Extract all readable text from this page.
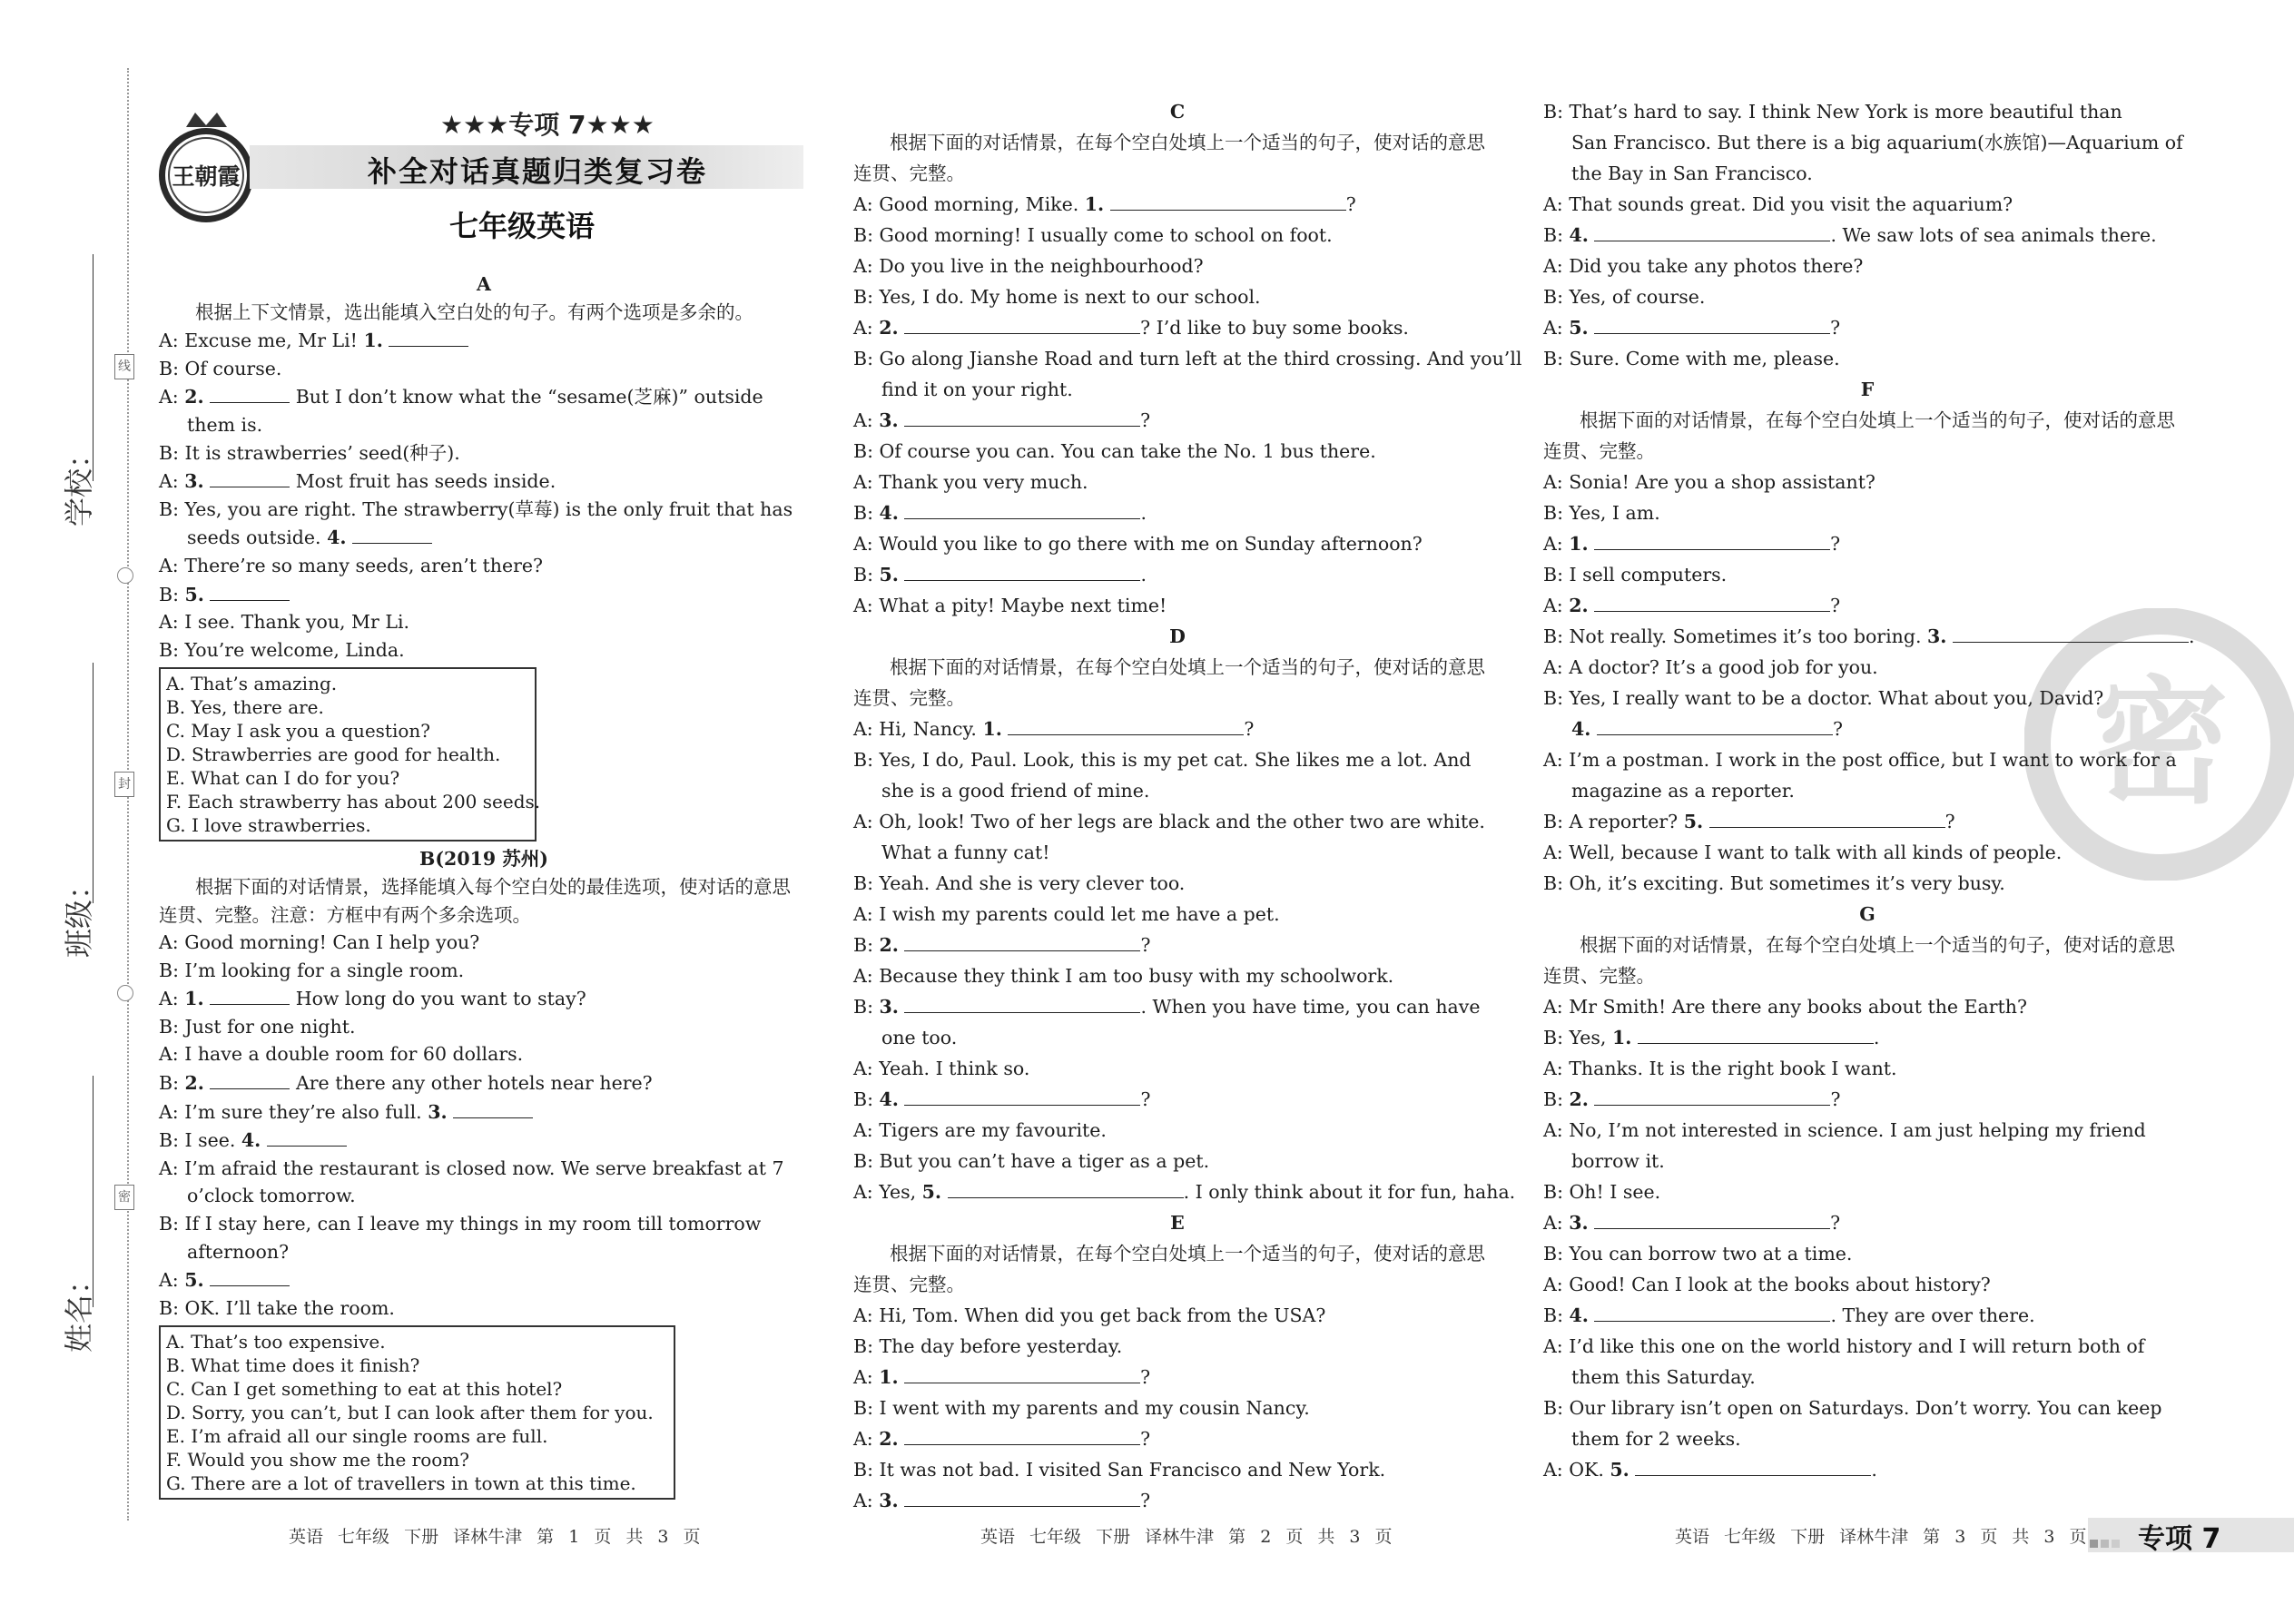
学校：
班级：
姓名：
线
封
密
王朝霞
★★★专项 7★★★
补全对话真题归类复习卷
七年级英语
A
根据上下文情景，选出能填入空白处的句子。有两个选项是多余的。
A: Excuse me, Mr Li! 1.
B: Of course.
A: 2.	But I don’t know what the “sesame(芝麻)” outside
them is.
B: It is strawberries’ seed(种子).
A: 3.	Most fruit has seeds inside.
B: Yes, you are right. The strawberry(草莓) is the only fruit that has
seeds outside. 4.
A: There’re so many seeds, aren’t there?
B: 5.
A: I see. Thank you, Mr Li.
B: You’re welcome, Linda.
A. That’s amazing.
B. Yes, there are.
C. May I ask you a question?
D. Strawberries are good for health.
E. What can I do for you?
F. Each strawberry has about 200 seeds.
G. I love strawberries.
B(2019 苏州)
根据下面的对话情景，选择能填入每个空白处的最佳选项，使对话的意思连贯、完整。注意：方框中有两个多余选项。
A: Good morning! Can I help you?
B: I’m looking for a single room.
A: 1.	How long do you want to stay?
B: Just for one night.
A: I have a double room for 60 dollars.
B: 2.	Are there any other hotels near here?
A: I’m sure they’re also full. 3.
B: I see. 4.
A: I’m afraid the restaurant is closed now. We serve breakfast at 7
o’clock tomorrow.
B: If I stay here, can I leave my things in my room till tomorrow
afternoon?
A: 5.
B: OK. I’ll take the room.
A. That’s too expensive.
B. What time does it finish?
C. Can I get something to eat at this hotel?
D. Sorry, you can’t, but I can look after them for you.
E. I’m afraid all our single rooms are full.
F. Would you show me the room?
G. There are a lot of travellers in town at this time.
C
根据下面的对话情景，在每个空白处填上一个适当的句子，使对话的意思连贯、完整。
A: Good morning, Mike. 1.	?
B: Good morning! I usually come to school on foot.
A: Do you live in the neighbourhood?
B: Yes, I do. My home is next to our school.
A: 2.	? I’d like to buy some books.
B: Go along Jianshe Road and turn left at the third crossing. And you’ll
find it on your right.
A: 3.	?
B: Of course you can. You can take the No. 1 bus there.
A: Thank you very much.
B: 4.	.
A: Would you like to go there with me on Sunday afternoon?
B: 5.	.
A: What a pity! Maybe next time!
D
根据下面的对话情景，在每个空白处填上一个适当的句子，使对话的意思连贯、完整。
A: Hi, Nancy. 1.	?
B: Yes, I do, Paul. Look, this is my pet cat. She likes me a lot. And
she is a good friend of mine.
A: Oh, look! Two of her legs are black and the other two are white.
What a funny cat!
B: Yeah. And she is very clever too.
A: I wish my parents could let me have a pet.
B: 2.	?
A: Because they think I am too busy with my schoolwork.
B: 3.	. When you have time, you can have
one too.
A: Yeah. I think so.
B: 4.	?
A: Tigers are my favourite.
B: But you can’t have a tiger as a pet.
A: Yes, 5.	. I only think about it for fun, haha.
E
根据下面的对话情景，在每个空白处填上一个适当的句子，使对话的意思连贯、完整。
A: Hi, Tom. When did you get back from the USA?
B: The day before yesterday.
A: 1.	?
B: I went with my parents and my cousin Nancy.
A: 2.	?
B: It was not bad. I visited San Francisco and New York.
A: 3.	?
密
B: That’s hard to say. I think New York is more beautiful than
San Francisco. But there is a big aquarium(水族馆)—Aquarium of
the Bay in San Francisco.
A: That sounds great. Did you visit the aquarium?
B: 4.	. We saw lots of sea animals there.
A: Did you take any photos there?
B: Yes, of course.
A: 5.	?
B: Sure. Come with me, please.
F
根据下面的对话情景，在每个空白处填上一个适当的句子，使对话的意思连贯、完整。
A: Sonia! Are you a shop assistant?
B: Yes, I am.
A: 1.	?
B: I sell computers.
A: 2.	?
B: Not really. Sometimes it’s too boring. 3.	.
A: A doctor? It’s a good job for you.
B: Yes, I really want to be a doctor. What about you, David?
4.	?
A: I’m a postman. I work in the post office, but I want to work for a
magazine as a reporter.
B: A reporter? 5.	?
A: Well, because I want to talk with all kinds of people.
B: Oh, it’s exciting. But sometimes it’s very busy.
G
根据下面的对话情景，在每个空白处填上一个适当的句子，使对话的意思连贯、完整。
A: Mr Smith! Are there any books about the Earth?
B: Yes, 1.	.
A: Thanks. It is the right book I want.
B: 2.	?
A: No, I’m not interested in science. I am just helping my friend
borrow it.
B: Oh! I see.
A: 3.	?
B: You can borrow two at a time.
A: Good! Can I look at the books about history?
B: 4.	. They are over there.
A: I’d like this one on the world history and I will return both of
them this Saturday.
B: Our library isn’t open on Saturdays. Don’t worry. You can keep
them for 2 weeks.
A: OK. 5.	.
英语 七年级 下册 译林牛津 第 1 页 共 3 页	英语 七年级 下册 译林牛津 第 2 页 共 3 页	英语 七年级 下册 译林牛津 第 3 页 共 3 页 专项 7
